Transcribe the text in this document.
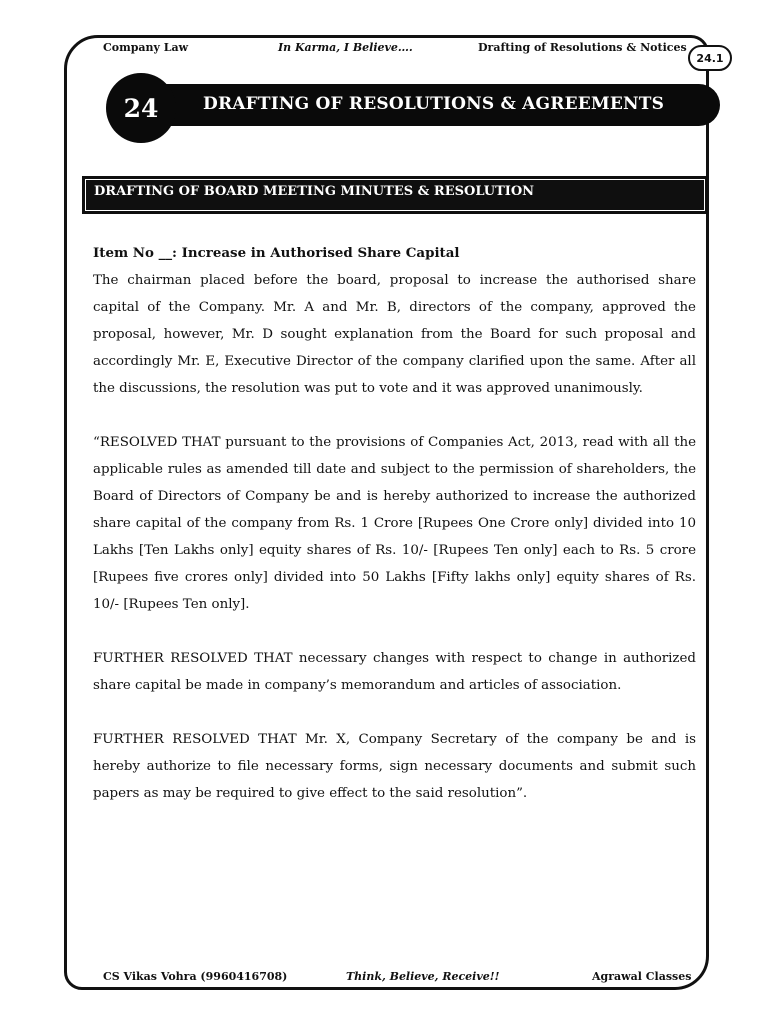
Company Law	In Karma, I Believe….	Drafting of Resolutions & Notices
24.1
DRAFTING OF RESOLUTIONS & AGREEMENTS
24
DRAFTING OF BOARD MEETING MINUTES & RESOLUTION

Item No __: Increase in Authorised Share Capital

The chairman placed before the board, proposal to increase the authorised share capital of the Company. Mr. A and Mr. B, directors of the company, approved the proposal, however, Mr. D sought explanation from the Board for such proposal and accordingly Mr. E, Executive Director of the company clarified upon the same. After all the discussions, the resolution was put to vote and it was approved unanimously.

“RESOLVED THAT pursuant to the provisions of Companies Act, 2013, read with all the applicable rules as amended till date and subject to the permission of shareholders, the Board of Directors of Company be and is hereby authorized to increase the authorized share capital of the company from Rs. 1 Crore [Rupees One Crore only] divided into 10 Lakhs [Ten Lakhs only] equity shares of Rs. 10/- [Rupees Ten only] each to Rs. 5 crore [Rupees five crores only] divided into 50 Lakhs [Fifty lakhs only] equity shares of Rs. 10/- [Rupees Ten only].

FURTHER RESOLVED THAT necessary changes with respect to change in authorized share capital be made in company’s memorandum and articles of association.

FURTHER RESOLVED THAT Mr. X, Company Secretary of the company be and is hereby authorize to file necessary forms, sign necessary documents and submit such papers as may be required to give effect to the said resolution”.

CS Vikas Vohra (9960416708)	Think, Believe, Receive!!	Agrawal Classes
